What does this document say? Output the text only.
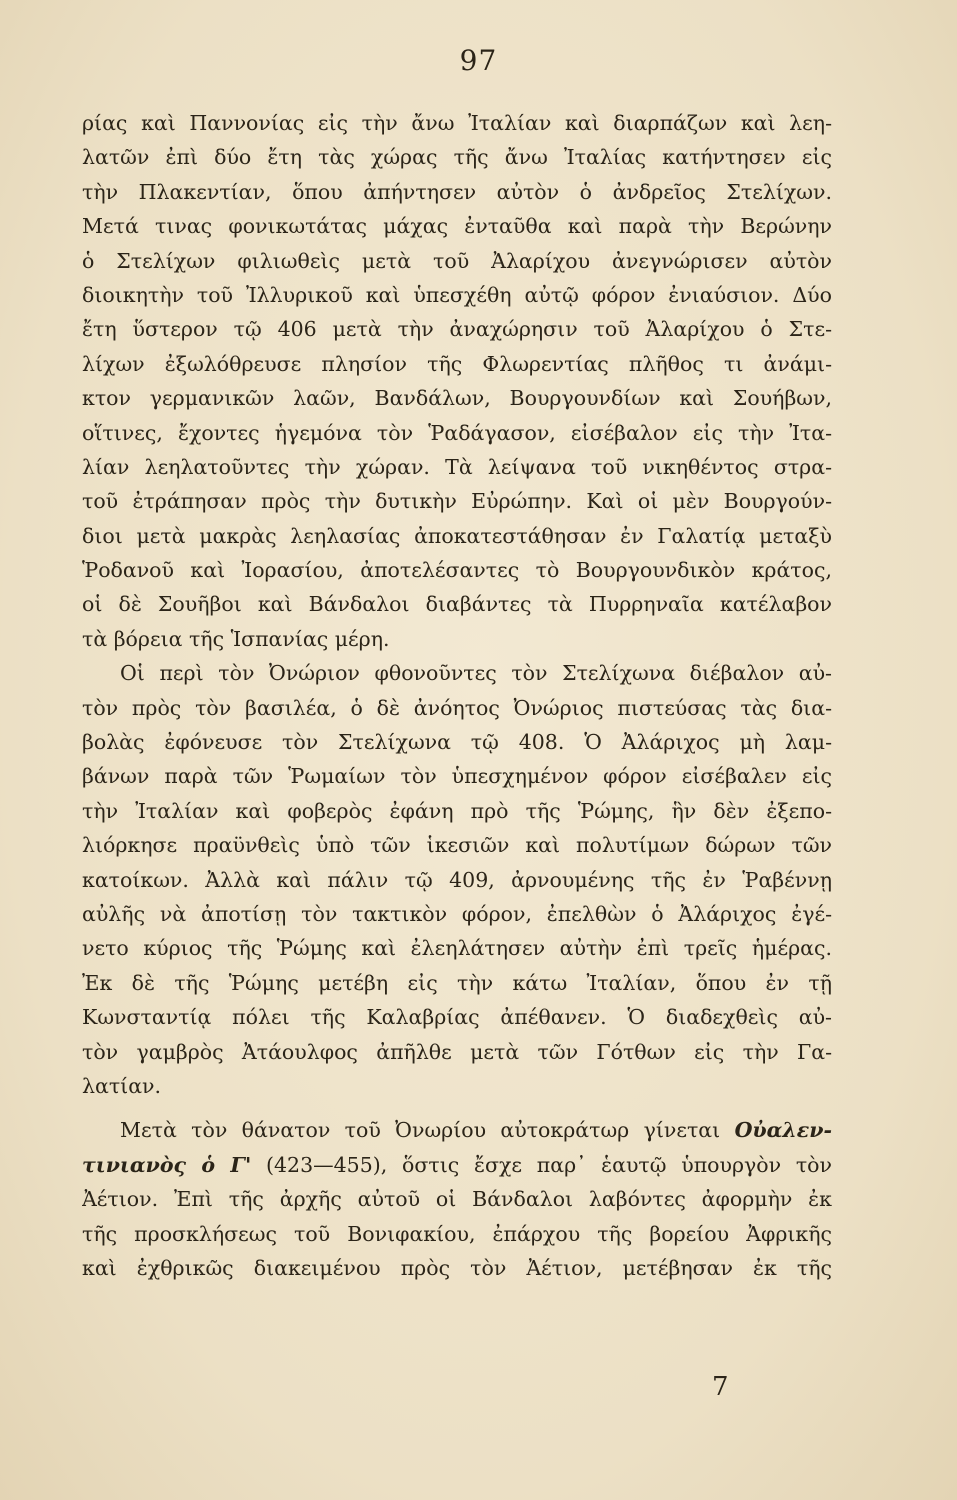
97
ρίας καὶ Παννονίας εἰς τὴν ἄνω Ἰταλίαν καὶ διαρπάζων καὶ λεη-
λατῶν ἐπὶ δύο ἔτη τὰς χώρας τῆς ἄνω Ἰταλίας κατήντησεν εἰς
τὴν Πλακεντίαν, ὅπου ἀπήντησεν αὐτὸν ὁ ἀνδρεῖος Στελίχων.
Μετά τινας φονικωτάτας μάχας ἐνταῦθα καὶ παρὰ τὴν Βερώνην
ὁ Στελίχων φιλιωθεὶς μετὰ τοῦ Ἀλαρίχου ἀνεγνώρισεν αὐτὸν
διοικητὴν τοῦ Ἰλλυρικοῦ καὶ ὑπεσχέθη αὐτῷ φόρον ἐνιαύσιον. Δύο
ἔτη ὕστερον τῷ 406 μετὰ τὴν ἀναχώρησιν τοῦ Ἀλαρίχου ὁ Στε-
λίχων ἐξωλόθρευσε πλησίον τῆς Φλωρεντίας πλῆθος τι ἀνάμι-
κτον γερμανικῶν λαῶν, Βανδάλων, Βουργουνδίων καὶ Σουήβων,
οἵτινες, ἔχοντες ἡγεμόνα τὸν Ῥαδάγασον, εἰσέβαλον εἰς τὴν Ἰτα-
λίαν λεηλατοῦντες τὴν χώραν. Τὰ λείψανα τοῦ νικηθέντος στρα-
τοῦ ἐτράπησαν πρὸς τὴν δυτικὴν Εὐρώπην. Καὶ οἱ μὲν Βουργούν-
διοι μετὰ μακρὰς λεηλασίας ἀποκατεστάθησαν ἐν Γαλατίᾳ μεταξὺ
Ῥοδανοῦ καὶ Ἰορασίου, ἀποτελέσαντες τὸ Βουργουνδικὸν κράτος,
οἱ δὲ Σουῆβοι καὶ Βάνδαλοι διαβάντες τὰ Πυρρηναῖα κατέλαβον
τὰ βόρεια τῆς Ἱσπανίας μέρη.
Οἱ περὶ τὸν Ὀνώριον φθονοῦντες τὸν Στελίχωνα διέβαλον αὐ-
τὸν πρὸς τὸν βασιλέα, ὁ δὲ ἀνόητος Ὀνώριος πιστεύσας τὰς δια-
βολὰς ἐφόνευσε τὸν Στελίχωνα τῷ 408. Ὁ Ἀλάριχος μὴ λαμ-
βάνων παρὰ τῶν Ῥωμαίων τὸν ὑπεσχημένον φόρον εἰσέβαλεν εἰς
τὴν Ἰταλίαν καὶ φοβερὸς ἐφάνη πρὸ τῆς Ῥώμης, ἣν δὲν ἐξεπο-
λιόρκησε πραϋνθεὶς ὑπὸ τῶν ἱκεσιῶν καὶ πολυτίμων δώρων τῶν
κατοίκων. Ἀλλὰ καὶ πάλιν τῷ 409, ἀρνουμένης τῆς ἐν Ῥαβέννῃ
αὐλῆς νὰ ἀποτίσῃ τὸν τακτικὸν φόρον, ἐπελθὼν ὁ Ἀλάριχος ἐγέ-
νετο κύριος τῆς Ῥώμης καὶ ἐλεηλάτησεν αὐτὴν ἐπὶ τρεῖς ἡμέρας.
Ἐκ δὲ τῆς Ῥώμης μετέβη εἰς τὴν κάτω Ἰταλίαν, ὅπου ἐν τῇ
Κωνσταντίᾳ πόλει τῆς Καλαβρίας ἀπέθανεν. Ὁ διαδεχθεὶς αὐ-
τὸν γαμβρὸς Ἀτάουλφος ἀπῆλθε μετὰ τῶν Γότθων εἰς τὴν Γα-
λατίαν.
Μετὰ τὸν θάνατον τοῦ Ὀνωρίου αὐτοκράτωρ γίνεται Οὐαλεν-
τινιανὸς ὁ Γ' (423—455), ὅστις ἔσχε παρ᾿ ἑαυτῷ ὑπουργὸν τὸν
Ἀέτιον. Ἐπὶ τῆς ἀρχῆς αὐτοῦ οἱ Βάνδαλοι λαβόντες ἀφορμὴν ἐκ
τῆς προσκλήσεως τοῦ Βονιφακίου, ἐπάρχου τῆς βορείου Ἀφρικῆς
καὶ ἐχθρικῶς διακειμένου πρὸς τὸν Ἀέτιον, μετέβησαν ἐκ τῆς
7
